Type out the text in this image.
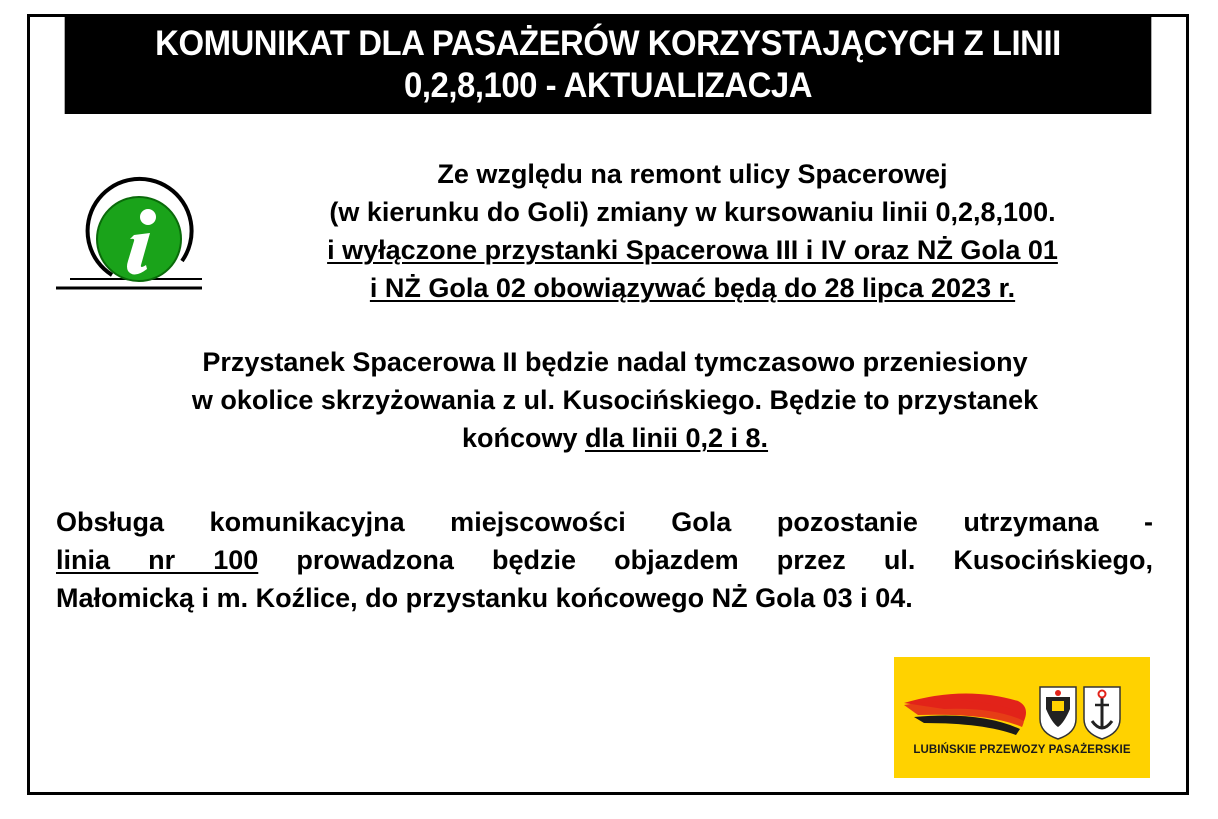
KOMUNIKAT DLA PASAŻERÓW KORZYSTAJĄCYCH Z LINII
0,2,8,100 - AKTUALIZACJA
Ze względu na remont ulicy Spacerowej
(w kierunku do Goli) zmiany w kursowaniu linii 0,2,8,100.
i wyłączone przystanki Spacerowa III i IV oraz NŻ Gola 01
i NŻ Gola 02 obowiązywać będą do 28 lipca 2023 r.
Przystanek Spacerowa II będzie nadal tymczasowo przeniesiony
w okolice skrzyżowania z ul. Kusocińskiego. Będzie to przystanek
końcowy dla linii 0,2 i 8.
Obsługa komunikacyjna miejscowości Gola pozostanie utrzymana -
linia nr 100 prowadzona będzie objazdem przez ul. Kusocińskiego,
Małomicką i m. Koźlice, do przystanku końcowego NŻ Gola 03 i 04.
LUBIŃSKIE PRZEWOZY PASAŻERSKIE
